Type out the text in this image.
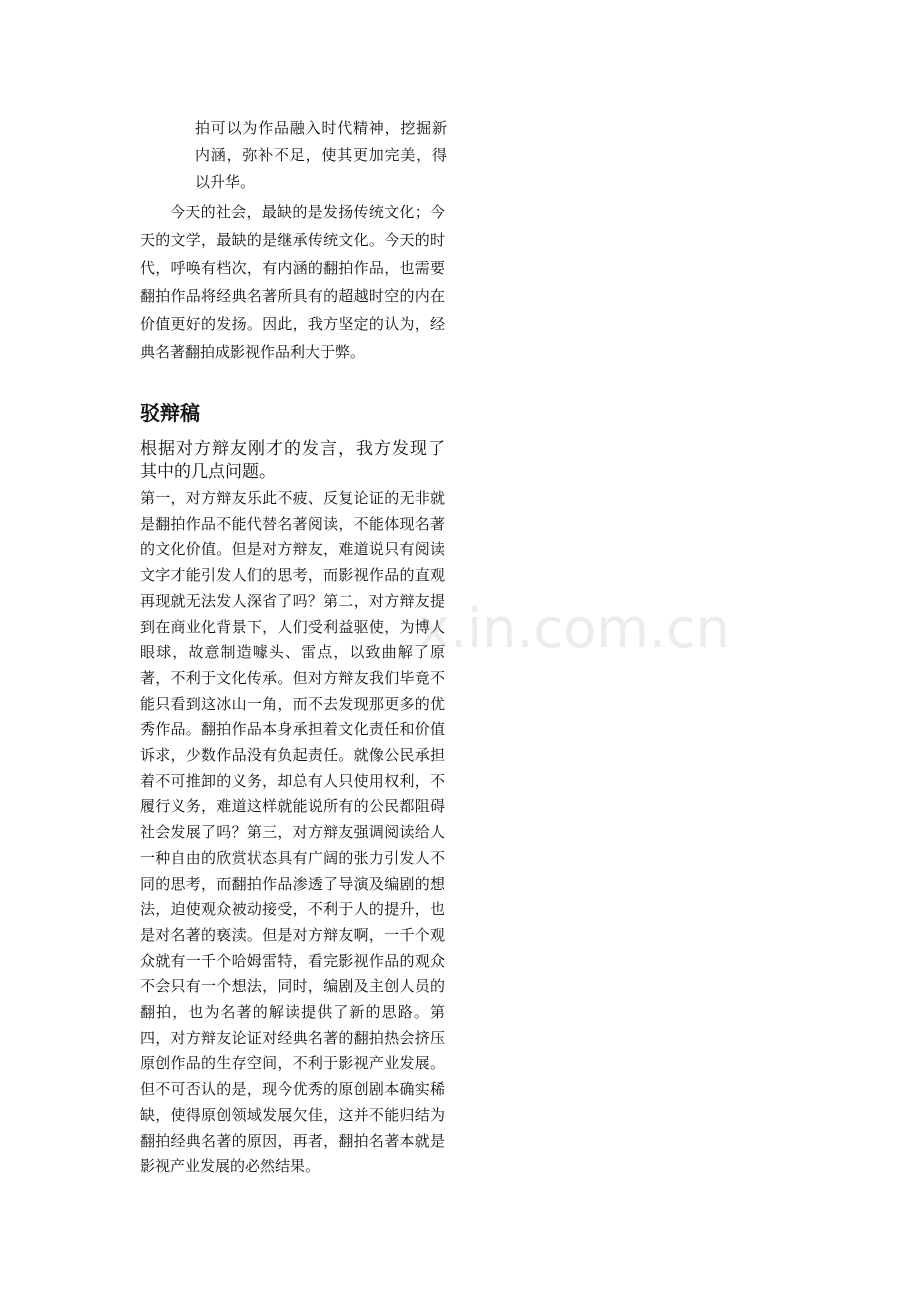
拍可以为作品融入时代精神，挖掘新内涵，弥补不足，使其更加完美，得以升华。

今天的社会，最缺的是发扬传统文化；今天的文学，最缺的是继承传统文化。今天的时代，呼唤有档次，有内涵的翻拍作品，也需要翻拍作品将经典名著所具有的超越时空的内在价值更好的发扬。因此，我方坚定的认为，经典名著翻拍成影视作品利大于弊。

驳辩稿

根据对方辩友刚才的发言，我方发现了其中的几点问题。

第一，对方辩友乐此不疲、反复论证的无非就是翻拍作品不能代替名著阅读，不能体现名著的文化价值。但是对方辩友，难道说只有阅读文字才能引发人们的思考，而影视作品的直观再现就无法发人深省了吗？第二，对方辩友提到在商业化背景下，人们受利益驱使，为博人眼球，故意制造噱头、雷点，以致曲解了原著，不利于文化传承。但对方辩友我们毕竟不能只看到这冰山一角，而不去发现那更多的优秀作品。翻拍作品本身承担着文化责任和价值诉求，少数作品没有负起责任。就像公民承担着不可推卸的义务，却总有人只使用权利，不履行义务，难道这样就能说所有的公民都阻碍社会发展了吗？第三，对方辩友强调阅读给人一种自由的欣赏状态具有广阔的张力引发人不同的思考，而翻拍作品渗透了导演及编剧的想法，迫使观众被动接受，不利于人的提升，也是对名著的亵渎。但是对方辩友啊，一千个观众就有一千个哈姆雷特，看完影视作品的观众不会只有一个想法，同时，编剧及主创人员的翻拍，也为名著的解读提供了新的思路。第四，对方辩友论证对经典名著的翻拍热会挤压原创作品的生存空间，不利于影视产业发展。但不可否认的是，现今优秀的原创剧本确实稀缺，使得原创领域发展欠佳，这并不能归结为翻拍经典名著的原因，再者，翻拍名著本就是影视产业发展的必然结果。

x.in.com.cn
